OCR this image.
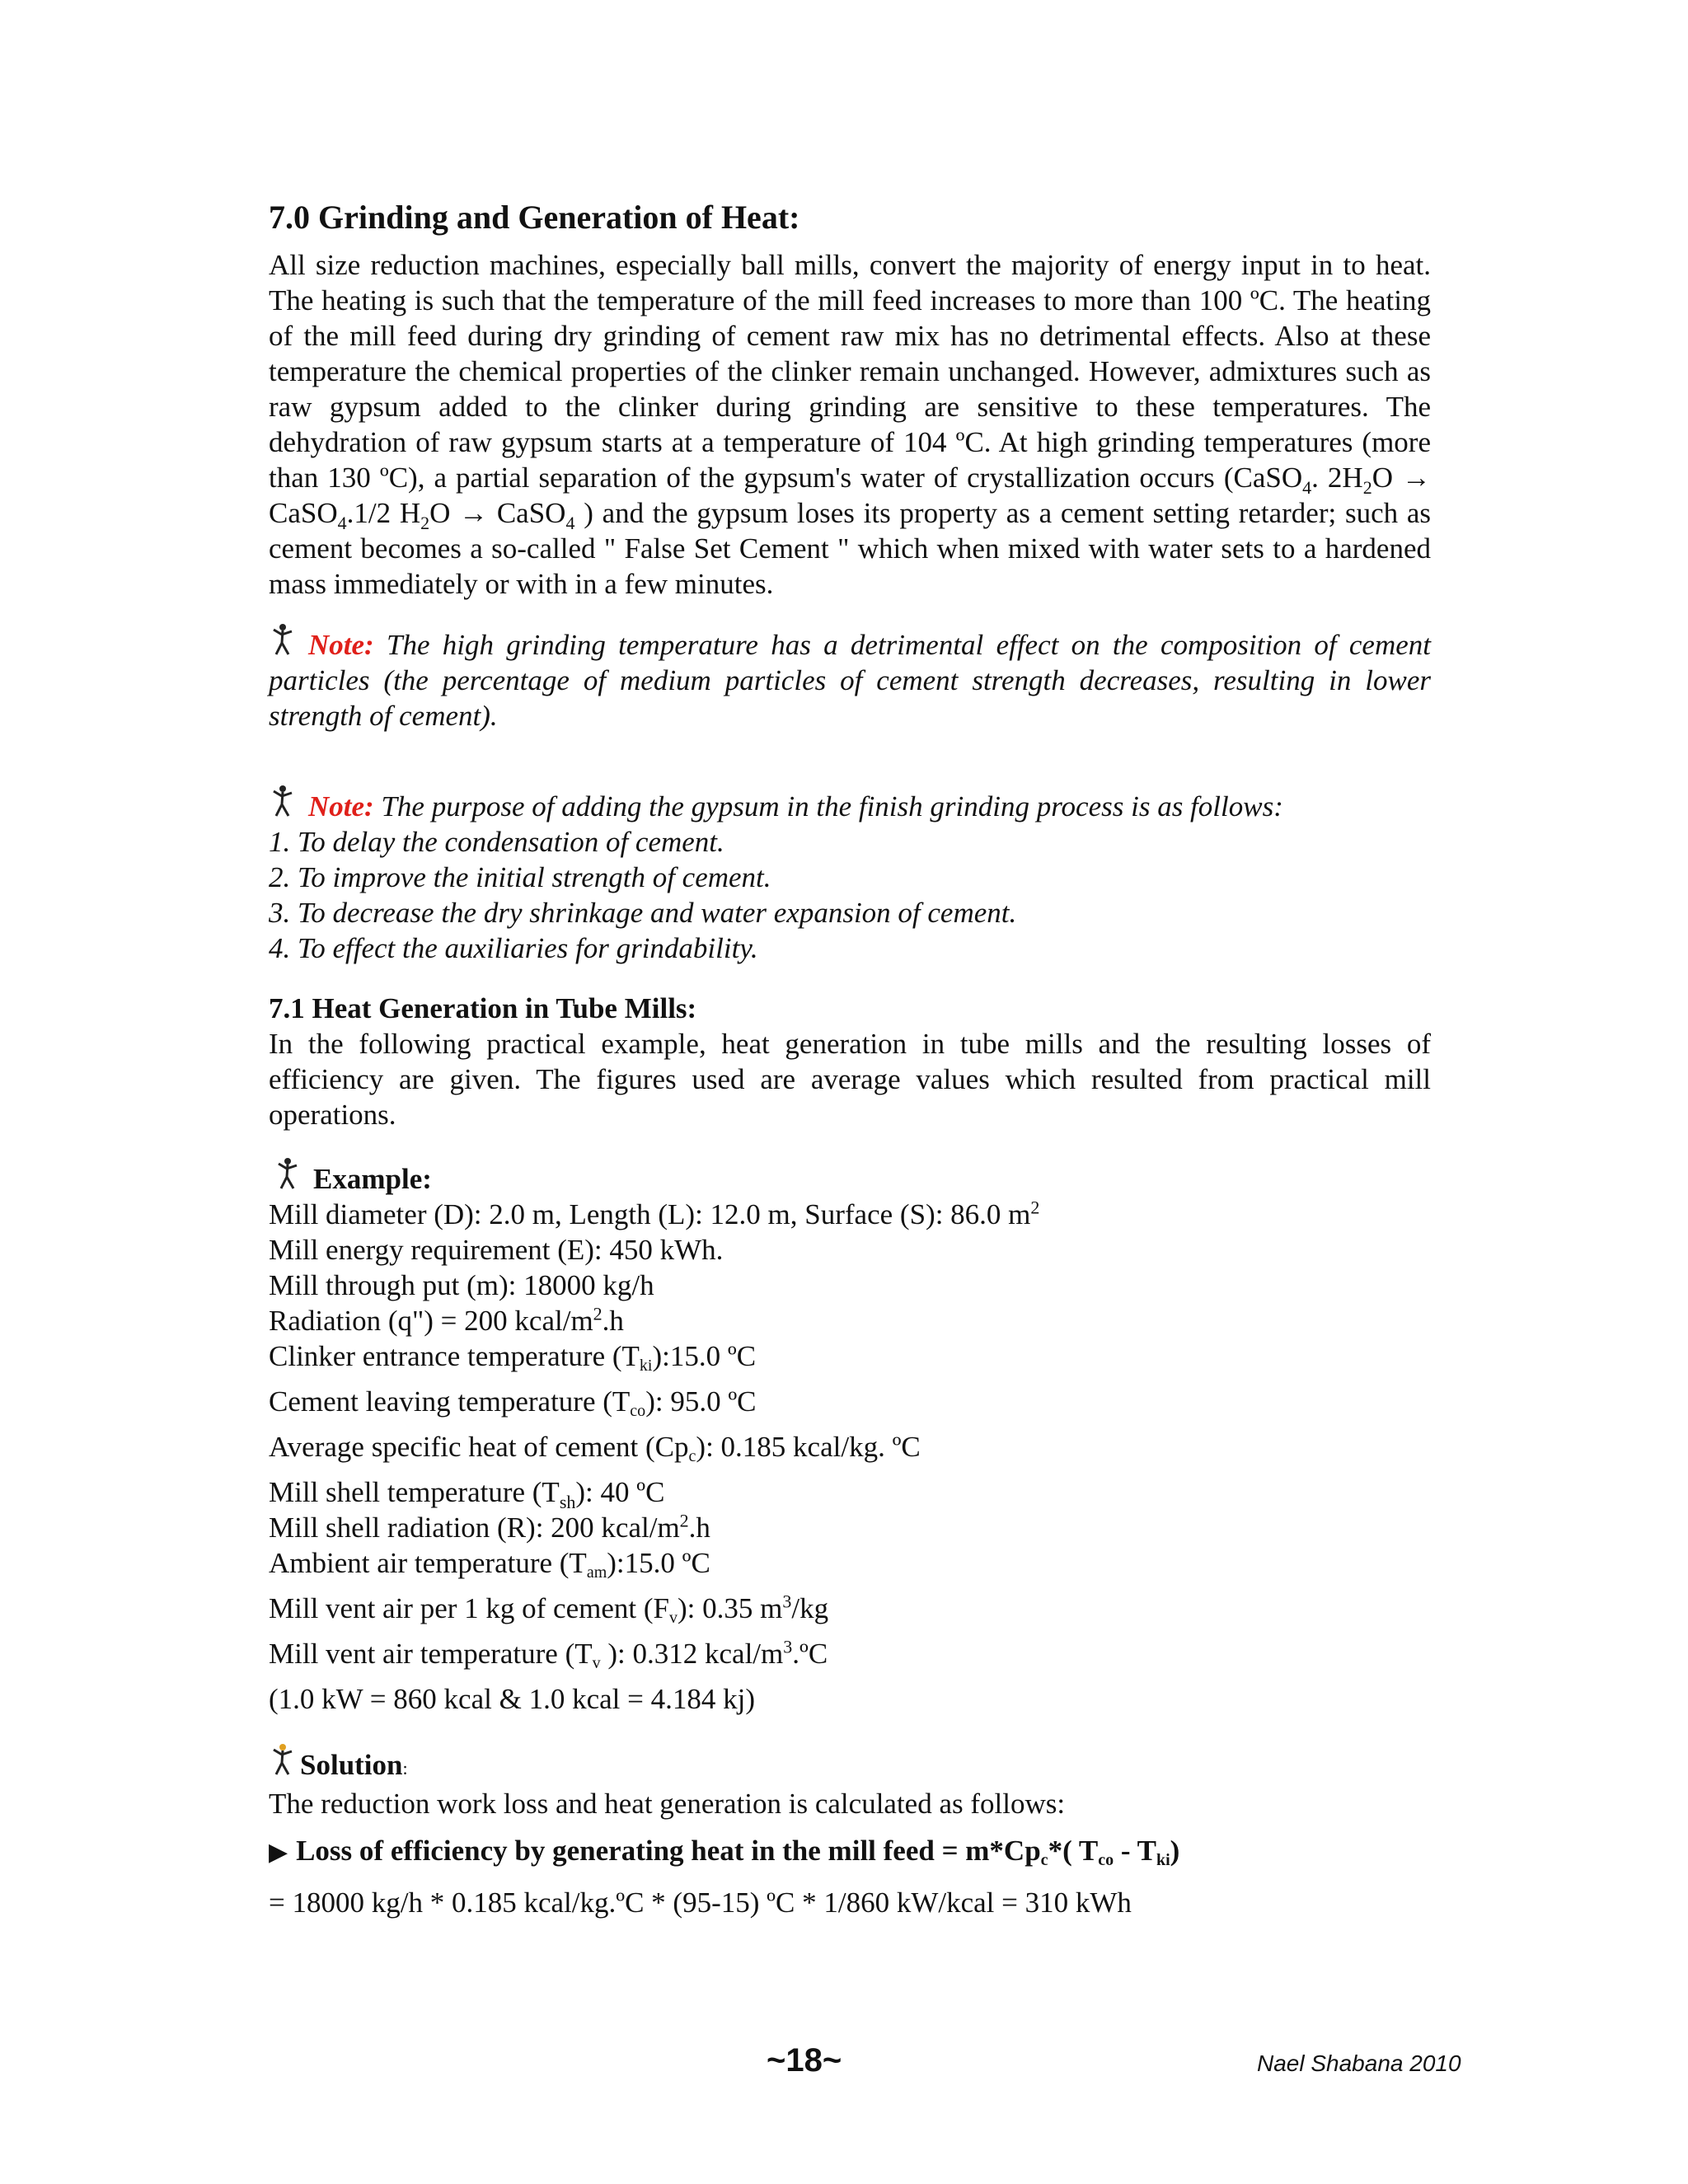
7.0 Grinding and Generation of Heat:

All size reduction machines, especially ball mills, convert the majority of energy input in to heat. The heating is such that the temperature of the mill feed increases to more than 100 ºC. The heating of the mill feed during dry grinding of cement raw mix has no detrimental effects. Also at these temperature the chemical properties of the clinker remain unchanged. However, admixtures such as raw gypsum added to the clinker during grinding are sensitive to these temperatures. The dehydration of raw gypsum starts at a temperature of 104 ºC. At high grinding temperatures (more than 130 ºC), a partial separation of the gypsum's water of crystallization occurs (CaSO$_4$. $2H_2O$ → CaSO$_4$.1/2 $H_2O$ → CaSO$_4$ ) and the gypsum loses its property as a cement setting retarder; such as cement becomes a so-called " False Set Cement " which when mixed with water sets to a hardened mass immediately or with in a few minutes.

Note: The high grinding temperature has a detrimental effect on the composition of cement particles (the percentage of medium particles of cement strength decreases, resulting in lower strength of cement).

Note: The purpose of adding the gypsum in the finish grinding process is as follows:

1. To delay the condensation of cement.
2. To improve the initial strength of cement.
3. To decrease the dry shrinkage and water expansion of cement.
4. To effect the auxiliaries for grindability.
7.1 Heat Generation in Tube Mills:

In the following practical example, heat generation in tube mills and the resulting losses of efficiency are given. The figures used are average values which resulted from practical mill operations.

Example:
Mill diameter (D): 2.0 m, Length (L): 12.0 m, Surface (S): 86.0 $m^2$
Mill energy requirement (E): 450 kWh.
Mill through put (m): 18000 kg/h
Radiation (q") = 200 kcal/$m^2.h$
Clinker entrance temperature (Tki):15.0 ºC
Cement leaving temperature (Tco): 95.0 ºC
Average specific heat of cement (Cpc): 0.185 kcal/kg. ºC
Mill shell temperature $(T_{sh})$: 40 ºC
Mill shell radiation (R): 200 kcal/$m^2.h$
Ambient air temperature (Tam):15.0 ºC
Mill vent air per 1 kg of cement (Fv): 0.35 $m^3/kg$
Mill vent air temperature (Tv ): 0.312 kcal/$m^3.ºC$
(1.0 kW = 860 kcal & 1.0 kcal = 4.184 kj)
Solution:
The reduction work loss and heat generation is calculated as follows:
▶ Loss of efficiency by generating heat in the mill feed = m*Cpc*( Tco - Tki)
= 18000 kg/h * 0.185 kcal/kg.ºC * (95-15) ºC * 1/860 kW/kcal = 310 kWh
~18~	Nael Shabana 2010
